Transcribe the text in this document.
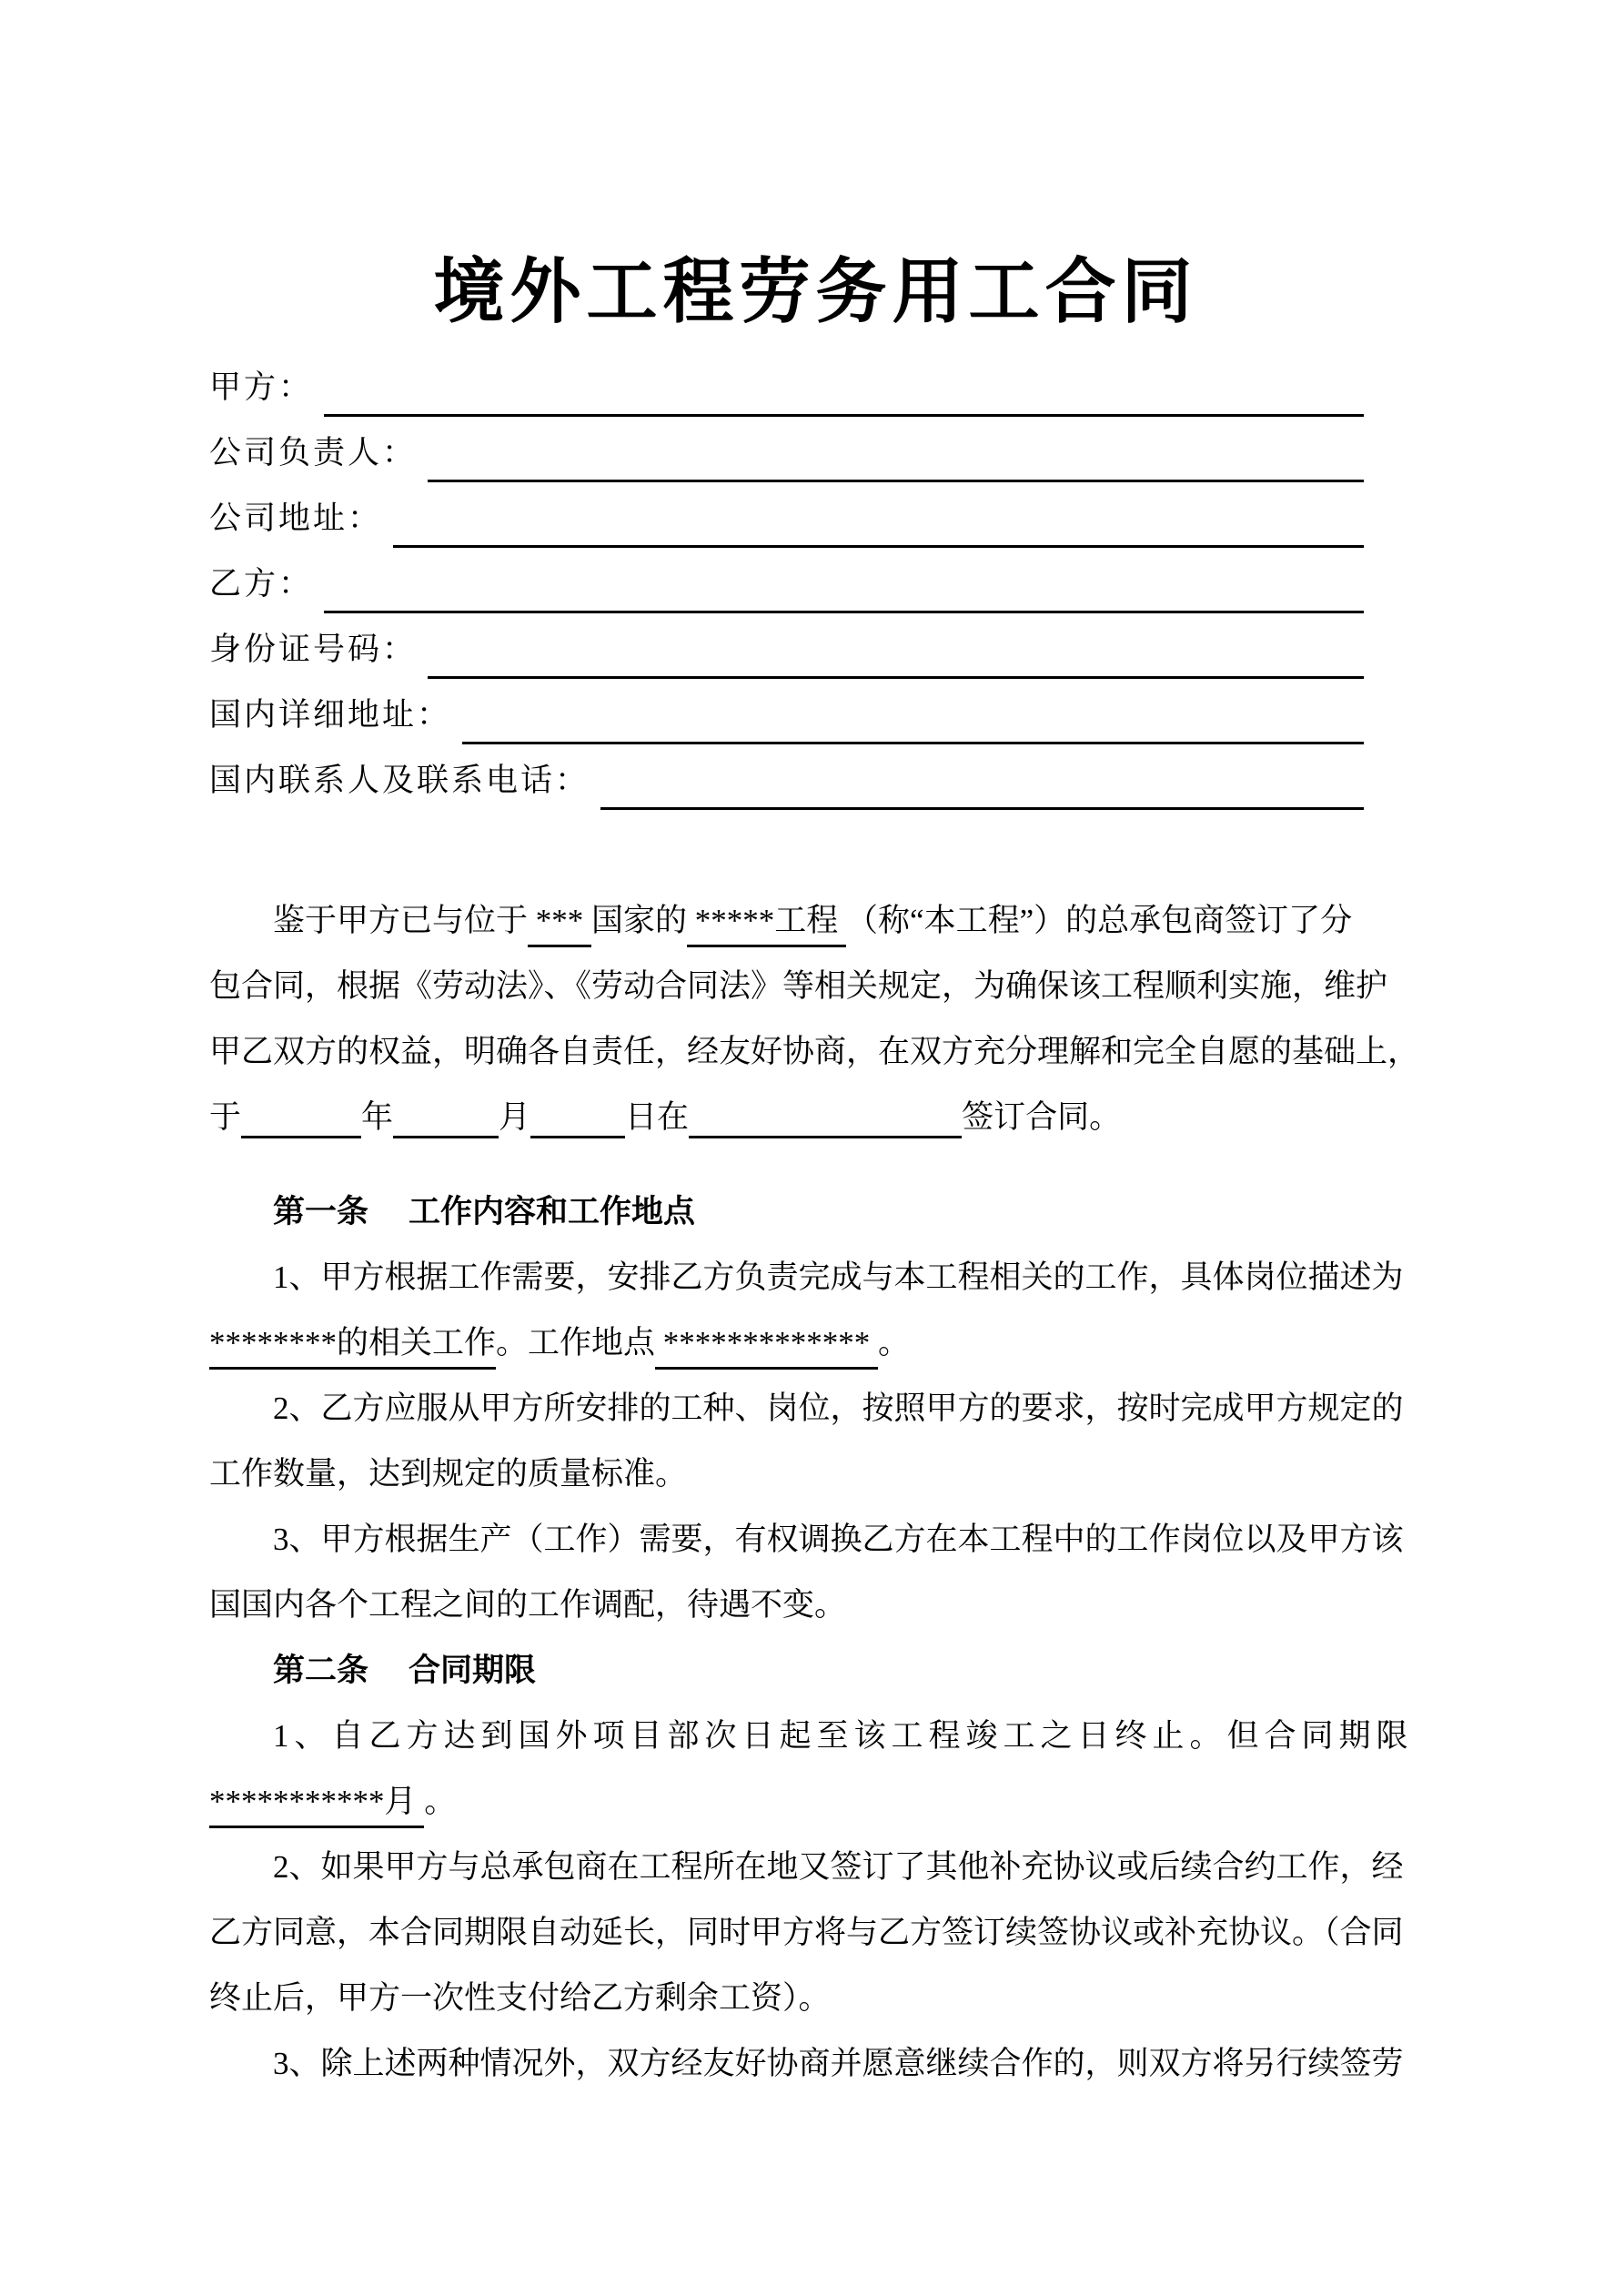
境外工程劳务用工合同
甲方：
公司负责人：
公司地址：
乙方：
身份证号码：
国内详细地址：
国内联系人及联系电话：
鉴于甲方已与位于 *** 国家的 *****工程 （称“本工程”）的总承包商签订了分
包合同，根据《劳动法》、《劳动合同法》等相关规定，为确保该工程顺利实施，维护
甲乙双方的权益，明确各自责任，经友好协商，在双方充分理解和完全自愿的基础上，
于	年	月	日在	签订合同。
第一条 工作内容和工作地点
1、甲方根据工作需要，安排乙方负责完成与本工程相关的工作，具体岗位描述为
********的相关工作。工作地点 ************* 。
2、乙方应服从甲方所安排的工种、岗位，按照甲方的要求，按时完成甲方规定的
工作数量，达到规定的质量标准。
3、甲方根据生产（工作）需要，有权调换乙方在本工程中的工作岗位以及甲方该
国国内各个工程之间的工作调配，待遇不变。
第二条 合同期限
1、自乙方达到国外项目部次日起至该工程竣工之日终止。但合同期限
***********月 。
2、如果甲方与总承包商在工程所在地又签订了其他补充协议或后续合约工作，经
乙方同意，本合同期限自动延长，同时甲方将与乙方签订续签协议或补充协议。（合同
终止后，甲方一次性支付给乙方剩余工资）。
3、除上述两种情况外，双方经友好协商并愿意继续合作的，则双方将另行续签劳
